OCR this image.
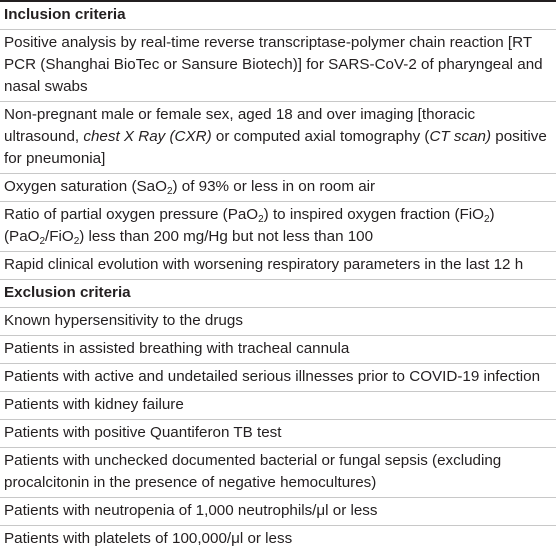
Inclusion criteria
Positive analysis by real-time reverse transcriptase-polymer chain reaction [RT PCR (Shanghai BioTec or Sansure Biotech)] for SARS-CoV-2 of pharyngeal and nasal swabs
Non-pregnant male or female sex, aged 18 and over imaging [thoracic ultrasound, chest X Ray (CXR) or computed axial tomography (CT scan) positive for pneumonia]
Oxygen saturation (SaO$_2$) of 93% or less in on room air
Ratio of partial oxygen pressure (PaO$_2$) to inspired oxygen fraction (FiO$_2$) (PaO$_2$/FiO$_2$) less than 200 mg/Hg but not less than 100
Rapid clinical evolution with worsening respiratory parameters in the last 12 h
Exclusion criteria
Known hypersensitivity to the drugs
Patients in assisted breathing with tracheal cannula
Patients with active and undetailed serious illnesses prior to COVID-19 infection
Patients with kidney failure
Patients with positive Quantiferon TB test
Patients with unchecked documented bacterial or fungal sepsis (excluding procalcitonin in the presence of negative hemocultures)
Patients with neutropenia of 1,000 neutrophils/μl or less
Patients with platelets of 100,000/μl or less
